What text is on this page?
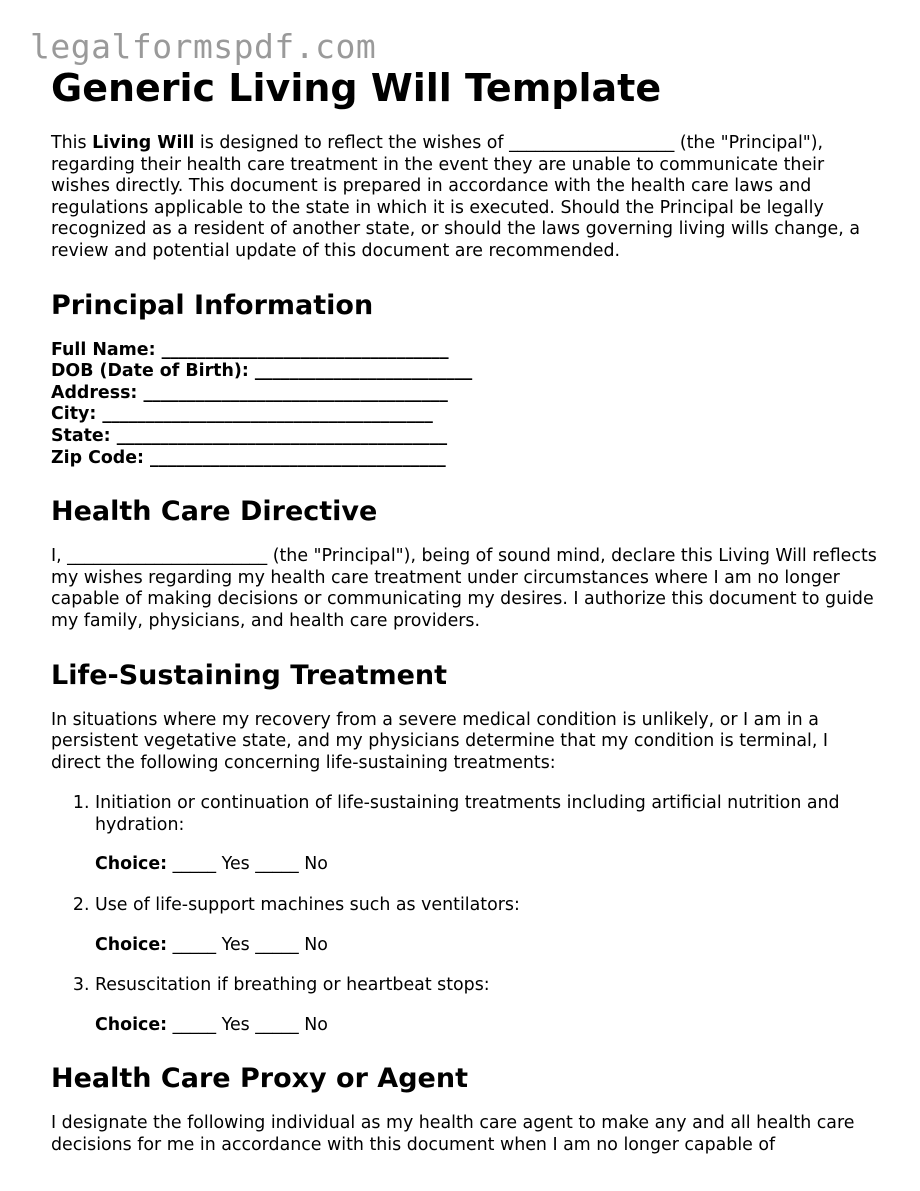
legalformspdf.com
Generic Living Will Template

This Living Will is designed to reflect the wishes of ___________________ (the "Principal"), regarding their health care treatment in the event they are unable to communicate their wishes directly. This document is prepared in accordance with the health care laws and regulations applicable to the state in which it is executed. Should the Principal be legally recognized as a resident of another state, or should the laws governing living wills change, a review and potential update of this document are recommended.

Principal Information
Full Name: _________________________________
DOB (Date of Birth): _________________________
Address: ___________________________________
City: ______________________________________
State: ______________________________________
Zip Code: __________________________________
Health Care Directive

I, _______________________ (the "Principal"), being of sound mind, declare this Living Will reflects my wishes regarding my health care treatment under circumstances where I am no longer capable of making decisions or communicating my desires. I authorize this document to guide my family, physicians, and health care providers.

Life-Sustaining Treatment

In situations where my recovery from a severe medical condition is unlikely, or I am in a persistent vegetative state, and my physicians determine that my condition is terminal, I direct the following concerning life-sustaining treatments:

1. Initiation or continuation of life-sustaining treatments including artificial nutrition and hydration:
Choice: _____ Yes _____ No
2. Use of life-support machines such as ventilators:
Choice: _____ Yes _____ No
3. Resuscitation if breathing or heartbeat stops:
Choice: _____ Yes _____ No
Health Care Proxy or Agent

I designate the following individual as my health care agent to make any and all health care decisions for me in accordance with this document when I am no longer capable of
